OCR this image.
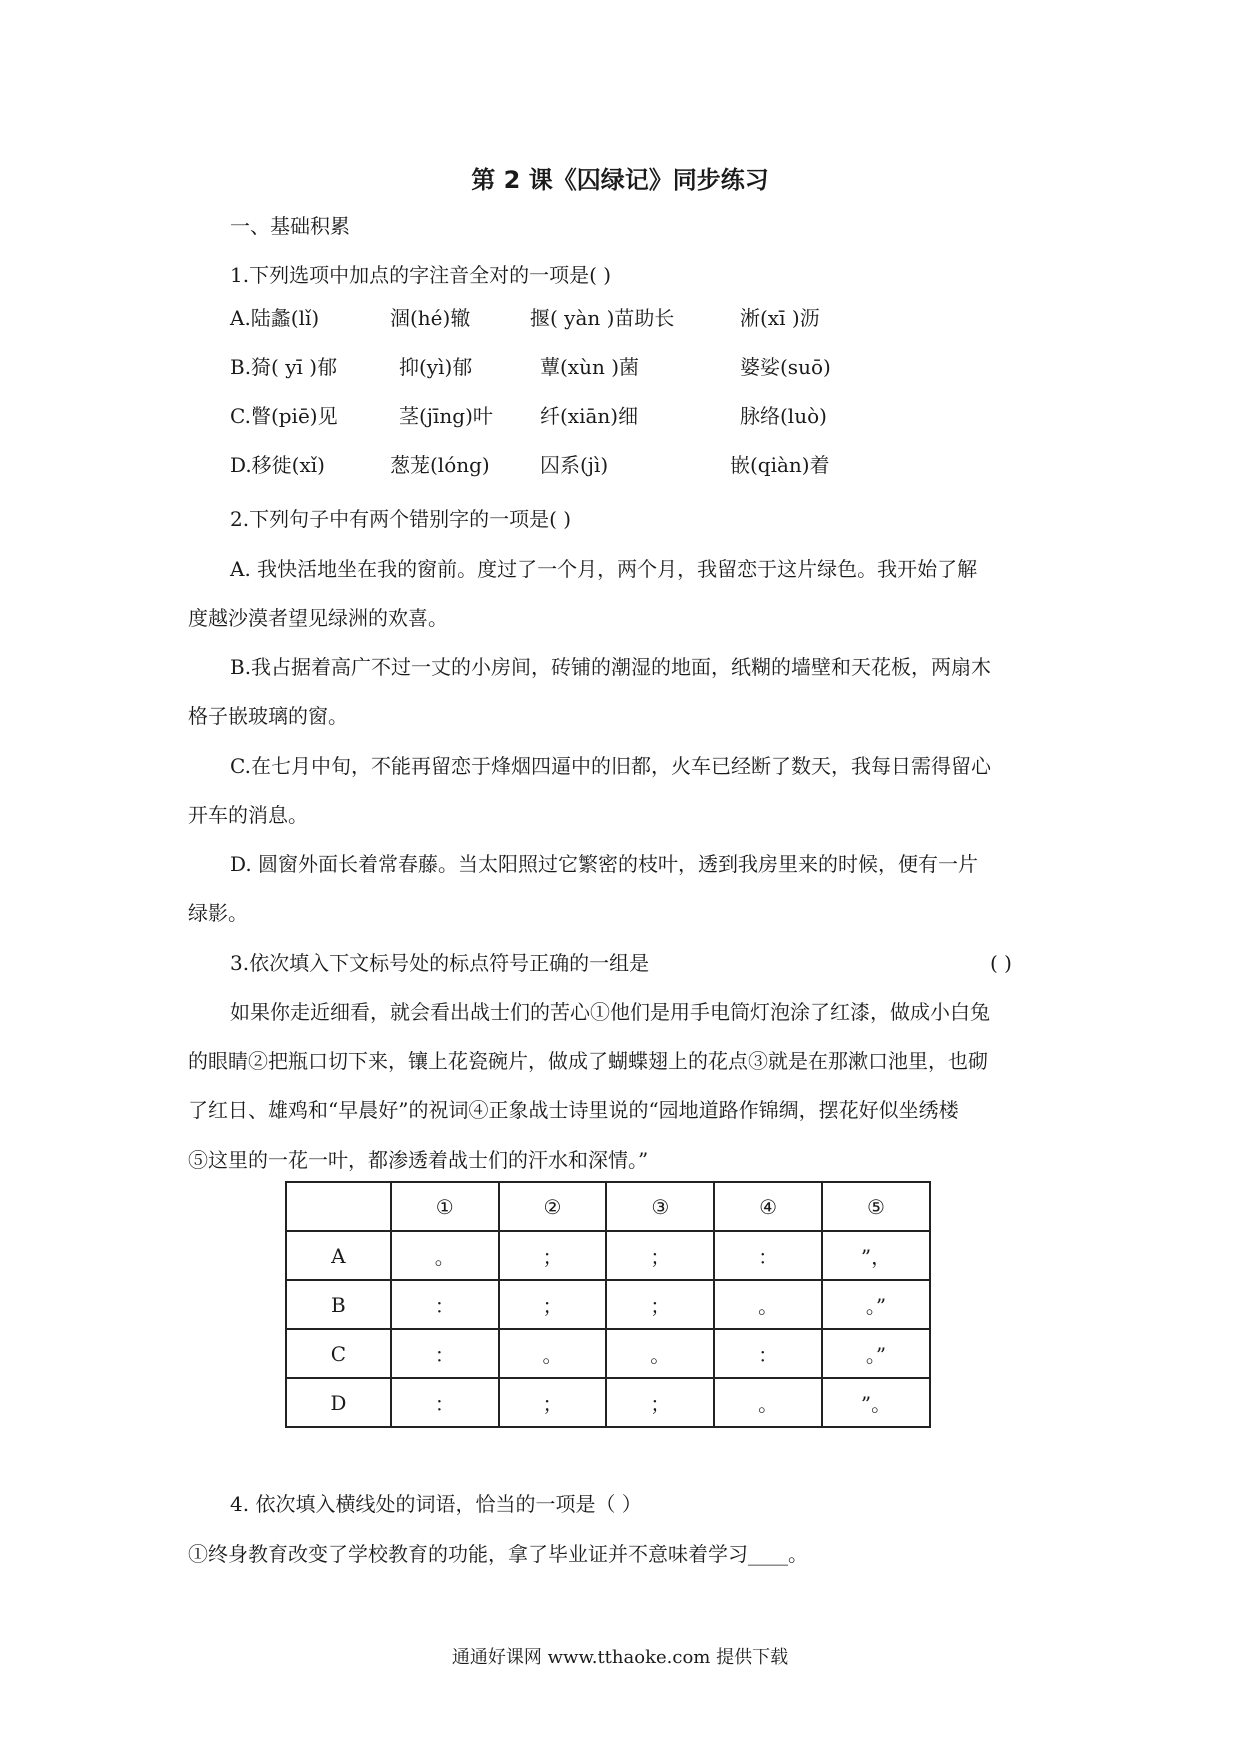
第 2 课《囚绿记》同步练习
一、基础积累
1.下列选项中加点的字注音全对的一项是( )
A.陆蠡(lǐ)	涸(hé)辙	揠( yàn )苗助长	淅(xī )沥
B.猗( yī )郁	抑(yì)郁	蕈(xùn )菌	婆娑(suō)
C.瞥(piē)见	茎(jīng)叶 纤(xiān)细	脉络(luò)
D.移徙(xǐ)	葱茏(lóng)	囚系(jì)	嵌(qiàn)着
2.下列句子中有两个错别字的一项是( )
A. 我快活地坐在我的窗前。度过了一个月，两个月，我留恋于这片绿色。我开始了解
度越沙漠者望见绿洲的欢喜。
B.我占据着高广不过一丈的小房间，砖铺的潮湿的地面，纸糊的墙壁和天花板，两扇木
格子嵌玻璃的窗。
C.在七月中旬，不能再留恋于烽烟四逼中的旧都，火车已经断了数天，我每日需得留心
开车的消息。
D. 圆窗外面长着常春藤。当太阳照过它繁密的枝叶，透到我房里来的时候，便有一片
绿影。
3.依次填入下文标号处的标点符号正确的一组是	( )
如果你走近细看，就会看出战士们的苦心①他们是用手电筒灯泡涂了红漆，做成小白兔
的眼睛②把瓶口切下来，镶上花瓷碗片，做成了蝴蝶翅上的花点③就是在那漱口池里，也砌
了红日、雄鸡和“早晨好”的祝词④正象战士诗里说的“园地道路作锦绸，摆花好似坐绣楼
⑤这里的一花一叶，都渗透着战士们的汗水和深情。”
	①	②	③	④	⑤
A	。	；	；	：	”，
B	：	；	；	。	。”
C	：	。	。	：	。”
D	：	；	；	。	”。
4. 依次填入横线处的词语，恰当的一项是（ ）
①终身教育改变了学校教育的功能，拿了毕业证并不意味着学习____。
通通好课网 www.tthaoke.com 提供下载
